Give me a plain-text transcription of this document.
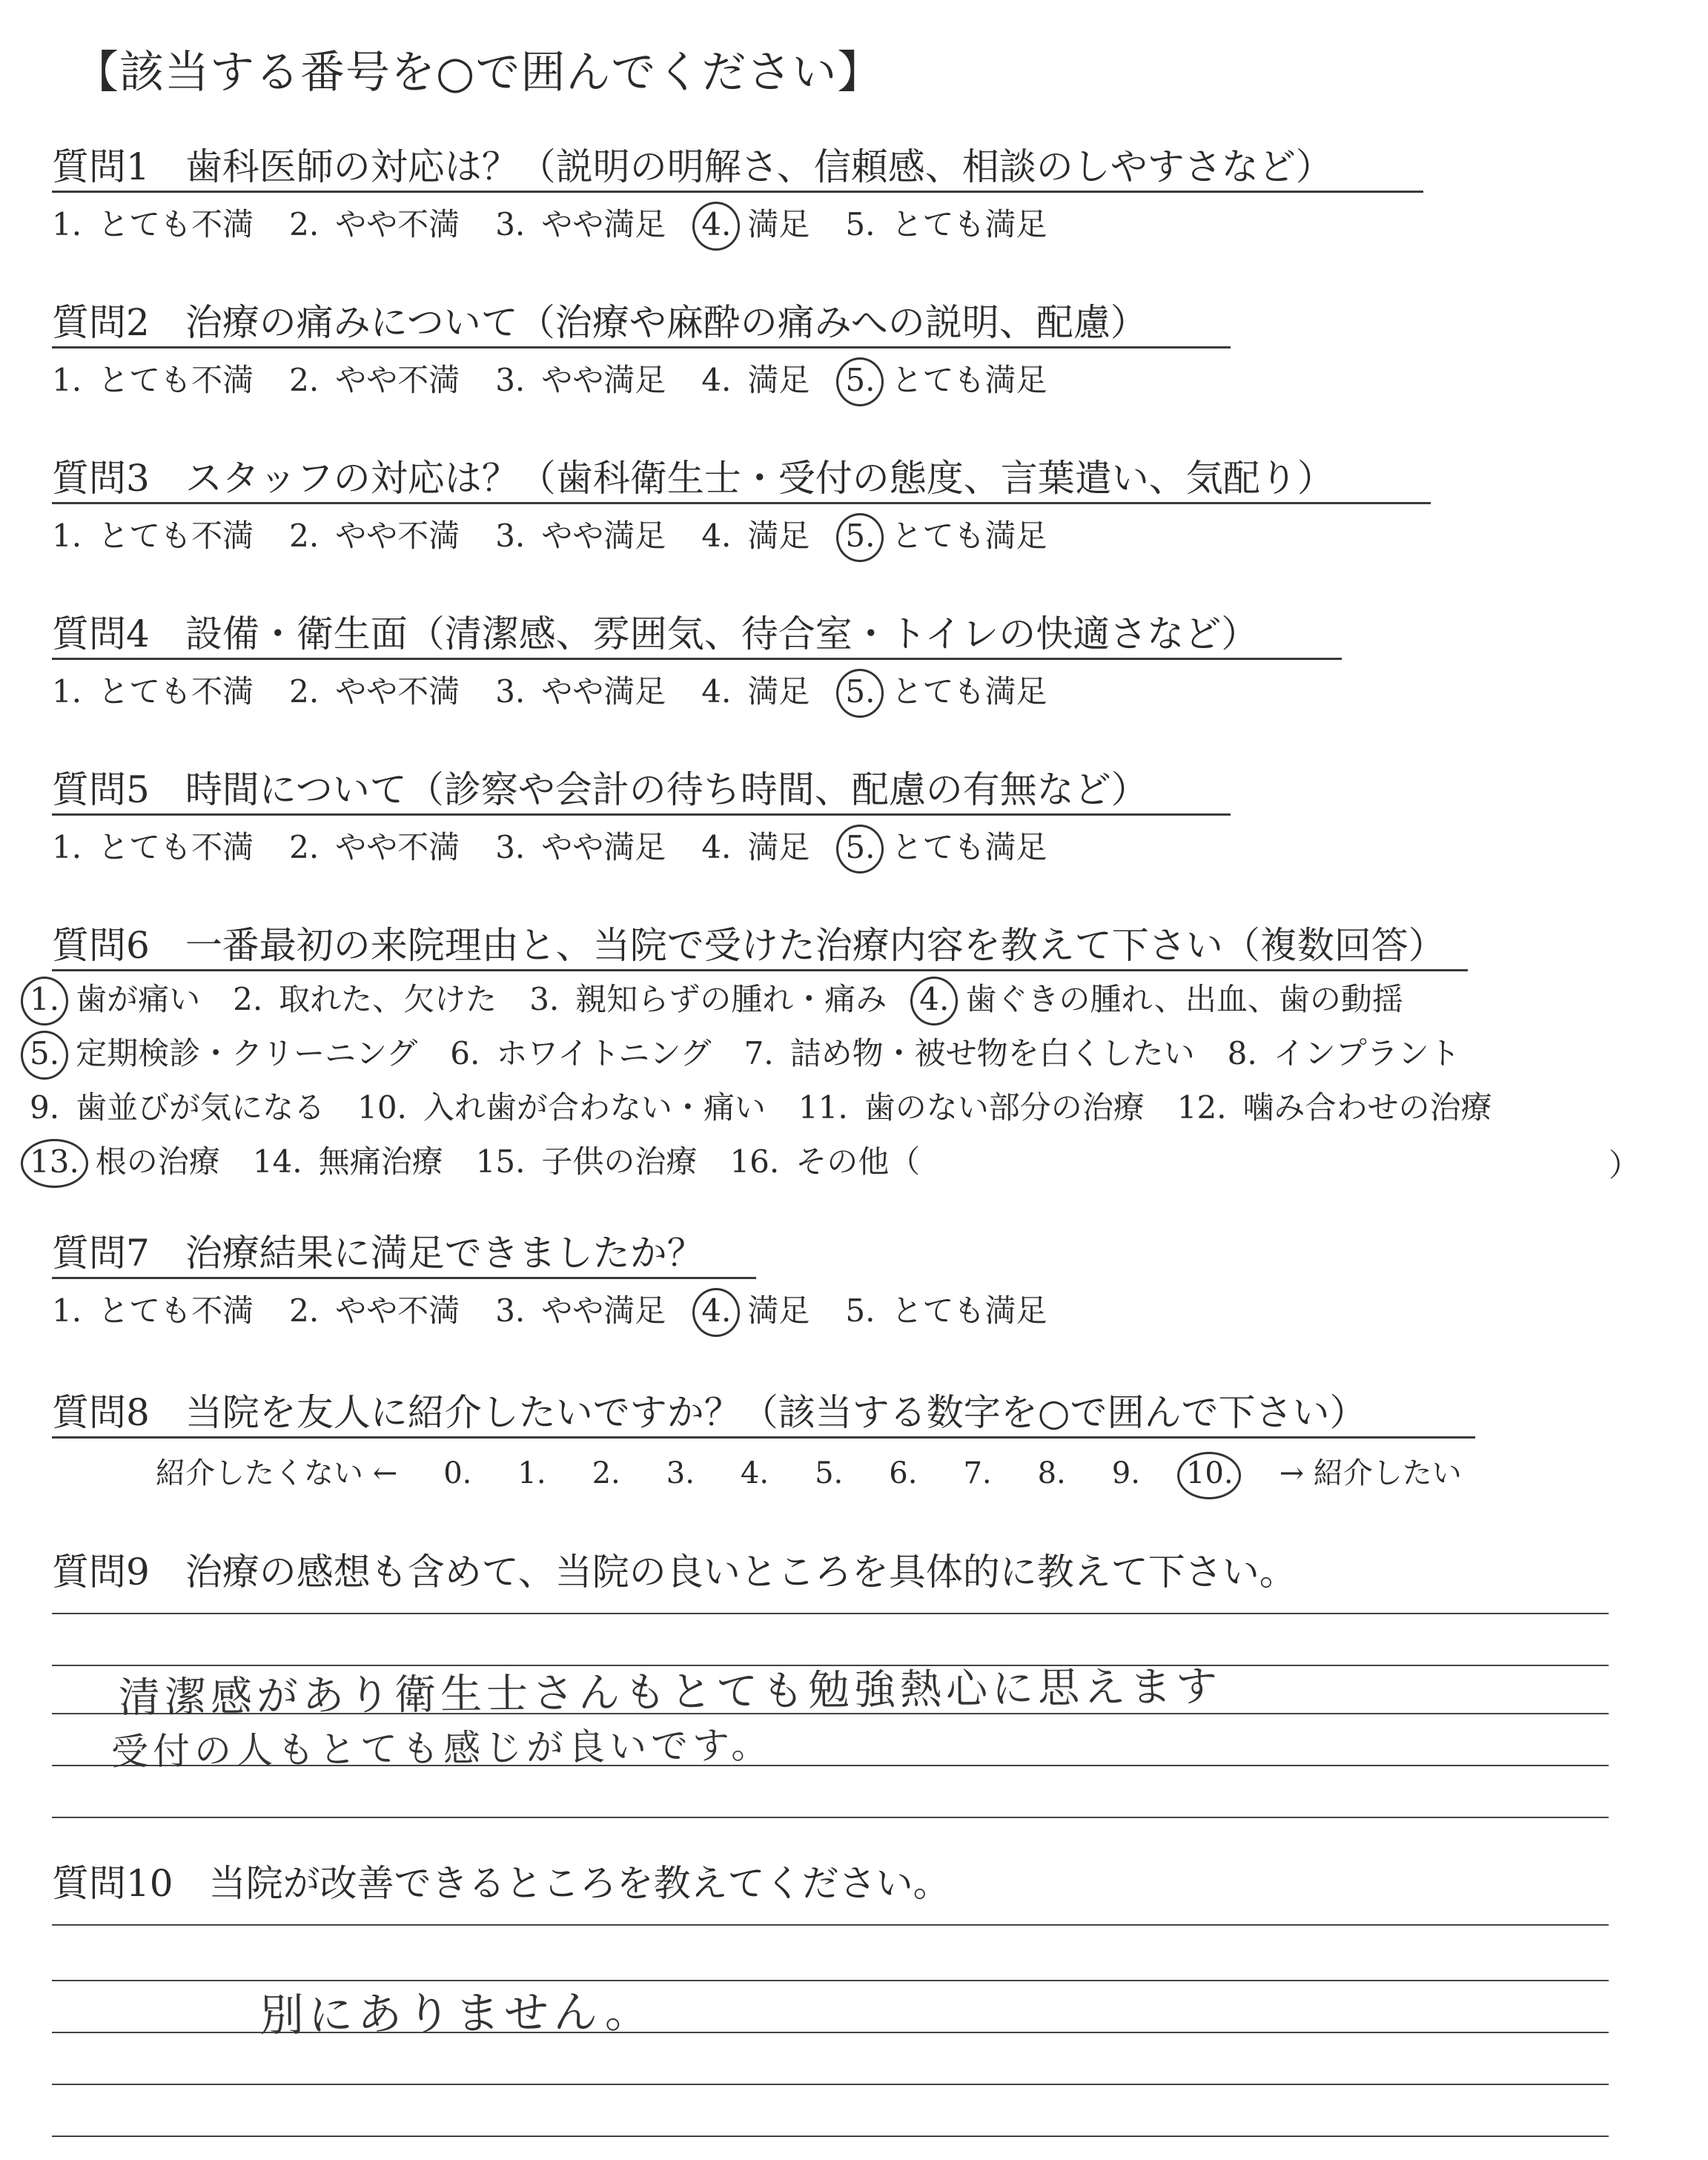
【該当する番号を○で囲んでください】
質問1 歯科医師の対応は？（説明の明解さ、信頼感、相談のしやすさなど）
1. とても不満 2. やや不満 3. やや満足 4. 満足 5. とても満足
質問2 治療の痛みについて（治療や麻酔の痛みへの説明、配慮）
1. とても不満 2. やや不満 3. やや満足 4. 満足 5. とても満足
質問3 スタッフの対応は？（歯科衛生士・受付の態度、言葉遣い、気配り）
1. とても不満 2. やや不満 3. やや満足 4. 満足 5. とても満足
質問4 設備・衛生面（清潔感、雰囲気、待合室・トイレの快適さなど）
1. とても不満 2. やや不満 3. やや満足 4. 満足 5. とても満足
質問5 時間について（診察や会計の待ち時間、配慮の有無など）
1. とても不満 2. やや不満 3. やや満足 4. 満足 5. とても満足
質問6 一番最初の来院理由と、当院で受けた治療内容を教えて下さい（複数回答）
1. 歯が痛い 2. 取れた、欠けた 3. 親知らずの腫れ・痛み 4. 歯ぐきの腫れ、出血、歯の動揺
5. 定期検診・クリーニング 6. ホワイトニング 7. 詰め物・被せ物を白くしたい 8. インプラント
9. 歯並びが気になる 10. 入れ歯が合わない・痛い 11. 歯のない部分の治療 12. 噛み合わせの治療
13. 根の治療 14. 無痛治療 15. 子供の治療 16. その他（	）
質問7 治療結果に満足できましたか？
1. とても不満 2. やや不満 3. やや満足 4. 満足 5. とても満足
質問8 当院を友人に紹介したいですか？（該当する数字を○で囲んで下さい）
紹介したくない ← 0. 1. 2. 3. 4. 5. 6. 7. 8. 9. 10. → 紹介したい
質問9 治療の感想も含めて、当院の良いところを具体的に教えて下さい。
清潔感があり衛生士さんもとても勉強熱心に思えます
受付の人もとても感じが良いです。
質問10 当院が改善できるところを教えてください。
別にありません。
